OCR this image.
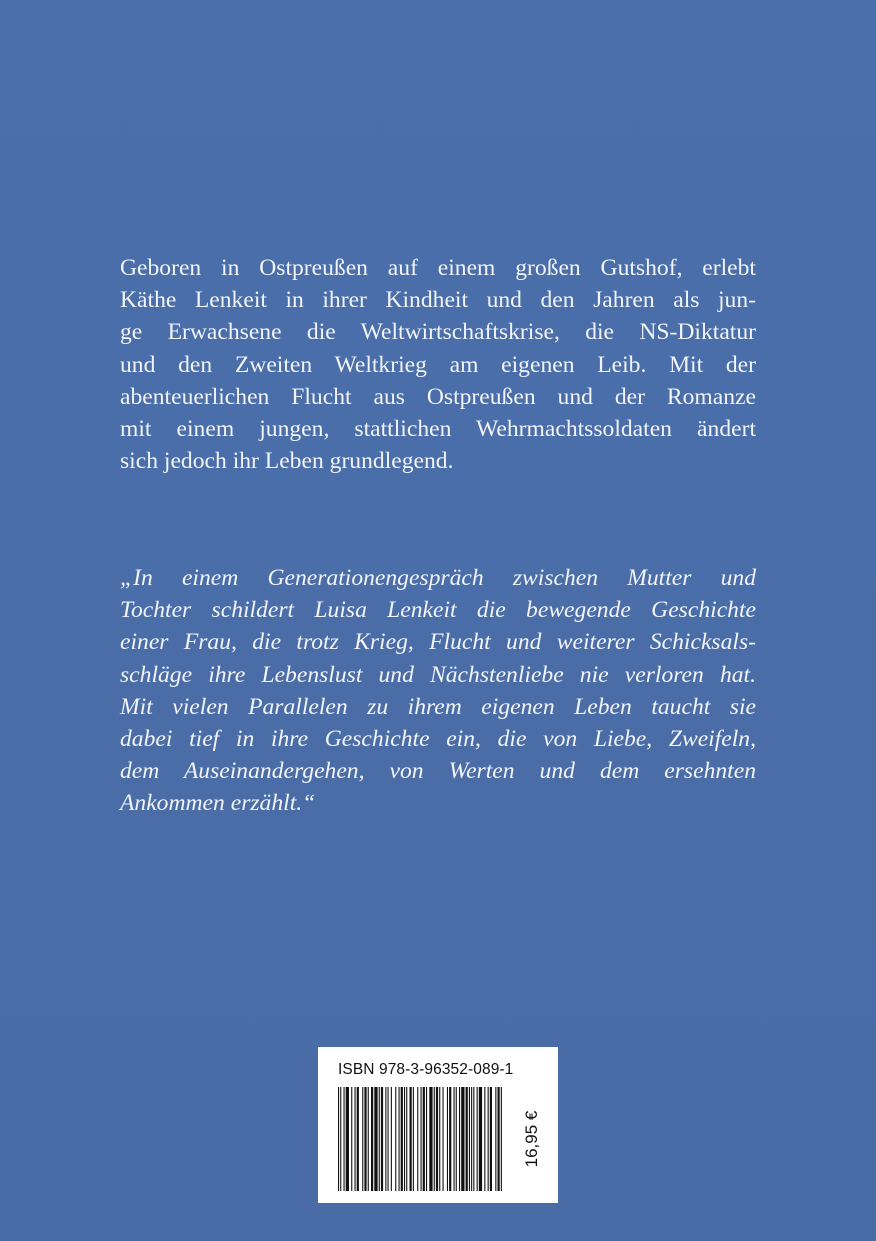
Geboren in Ostpreußen auf einem großen Gutshof, erlebt
Käthe Lenkeit in ihrer Kindheit und den Jahren als jun-
ge Erwachsene die Weltwirtschaftskrise, die NS-Diktatur
und den Zweiten Weltkrieg am eigenen Leib. Mit der
abenteuerlichen Flucht aus Ostpreußen und der Romanze
mit einem jungen, stattlichen Wehrmachtssoldaten ändert
sich jedoch ihr Leben grundlegend.
„In einem Generationengespräch zwischen Mutter und
Tochter schildert Luisa Lenkeit die bewegende Geschichte
einer Frau, die trotz Krieg, Flucht und weiterer Schicksals-
schläge ihre Lebenslust und Nächstenliebe nie verloren hat.
Mit vielen Parallelen zu ihrem eigenen Leben taucht sie
dabei tief in ihre Geschichte ein, die von Liebe, Zweifeln,
dem Auseinandergehen, von Werten und dem ersehnten
Ankommen erzählt.“

ISBN 978-3-96352-089-1

16,95 €
